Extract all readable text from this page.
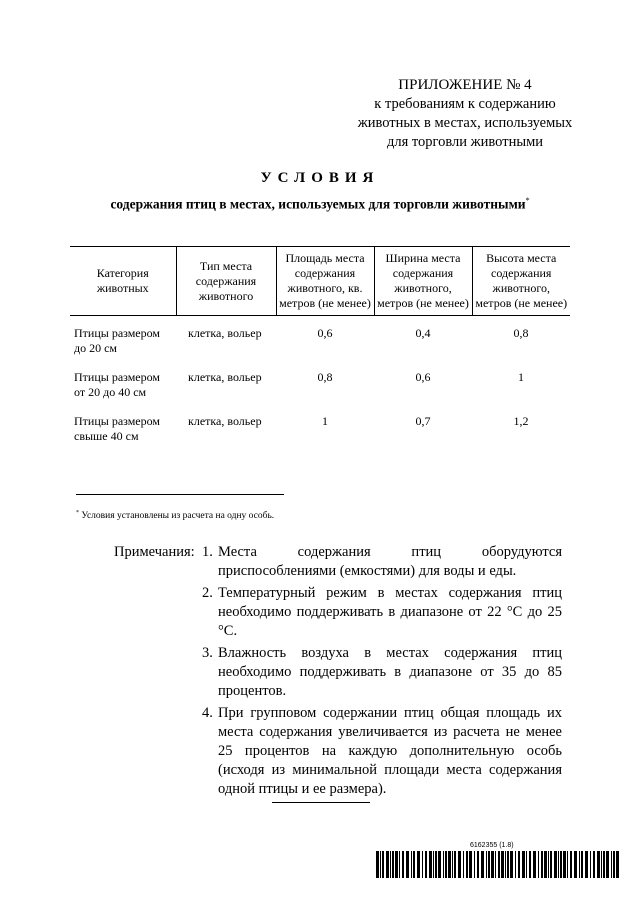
ПРИЛОЖЕНИЕ № 4
к требованиям к содержанию
животных в местах, используемых
для торговли животными
УСЛОВИЯ
содержания птиц в местах, используемых для торговли животными*
Категория животных	Тип места содержания животного	Площадь места содержания животного, кв. метров (не менее)	Ширина места содержания животного, метров (не менее)	Высота места содержания животного, метров (не менее)
Птицы размером до 20 см	клетка, вольер	0,6	0,4	0,8
Птицы размером от 20 до 40 см	клетка, вольер	0,8	0,6	1
Птицы размером свыше 40 см	клетка, вольер	1	0,7	1,2
* Условия установлены из расчета на одну особь.
Примечания: 1. Места содержания птиц оборудуются приспособлениями (емкостями) для воды и еды.
2. Температурный режим в местах содержания птиц необходимо поддерживать в диапазоне от 22 °C до 25 °C.
3. Влажность воздуха в местах содержания птиц необходимо поддерживать в диапазоне от 35 до 85 процентов.
4. При групповом содержании птиц общая площадь их места содержания увеличивается из расчета не менее 25 процентов на каждую дополнительную особь (исходя из минимальной площади места содержания одной птицы и ее размера).
6162355 (1.8)
